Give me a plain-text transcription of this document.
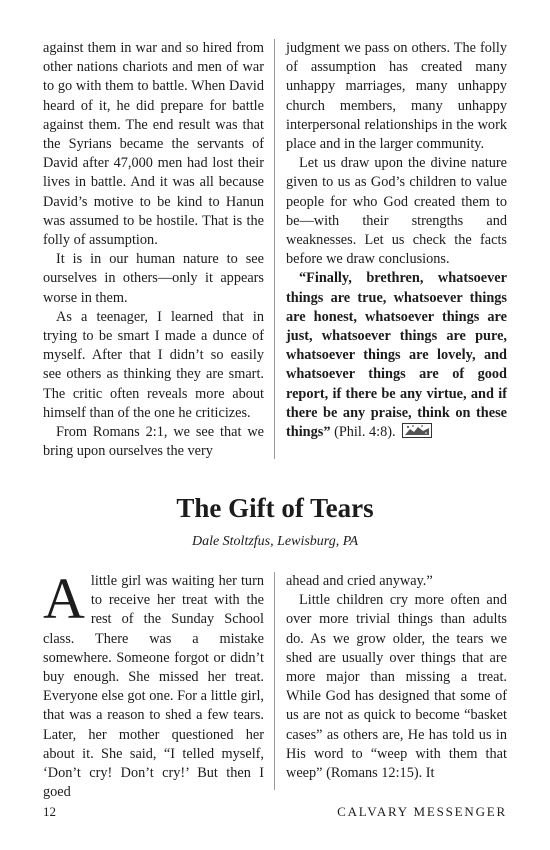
against them in war and so hired from other nations chariots and men of war to go with them to battle. When David heard of it, he did prepare for battle against them. The end result was that the Syrians became the servants of David after 47,000 men had lost their lives in battle. And it was all because David’s motive to be kind to Hanun was assumed to be hostile. That is the folly of assumption.

It is in our human nature to see ourselves in others—only it appears worse in them.

As a teenager, I learned that in trying to be smart I made a dunce of myself. After that I didn’t so easily see others as thinking they are smart. The critic often reveals more about himself than of the one he criticizes.

From Romans 2:1, we see that we bring upon ourselves the very

judgment we pass on others. The folly of assumption has created many unhappy marriages, many unhappy church members, many unhappy interpersonal relationships in the work place and in the larger community.

Let us draw upon the divine nature given to us as God’s children to value people for who God created them to be—with their strengths and weaknesses. Let us check the facts before we draw conclusions.

“Finally, brethren, whatsoever things are true, whatsoever things are honest, whatsoever things are just, whatsoever things are pure, whatsoever things are lovely, and whatsoever things are of good report, if there be any virtue, and if there be any praise, think on these things” (Phil. 4:8).

The Gift of Tears

Dale Stoltzfus, Lewisburg, PA

Alittle girl was waiting her turn to receive her treat with the rest of the Sunday School class. There was a mistake somewhere. Someone forgot or didn’t buy enough. She missed her treat. Everyone else got one. For a little girl, that was a reason to shed a few tears. Later, her mother questioned her about it. She said, “I telled myself, ‘Don’t cry! Don’t cry!’ But then I goed

ahead and cried anyway.”

Little children cry more often and over more trivial things than adults do. As we grow older, the tears we shed are usually over things that are more major than missing a treat. While God has designed that some of us are not as quick to become “basket cases” as others are, He has told us in His word to “weep with them that weep” (Romans 12:15). It

12	CALVARY MESSENGER
